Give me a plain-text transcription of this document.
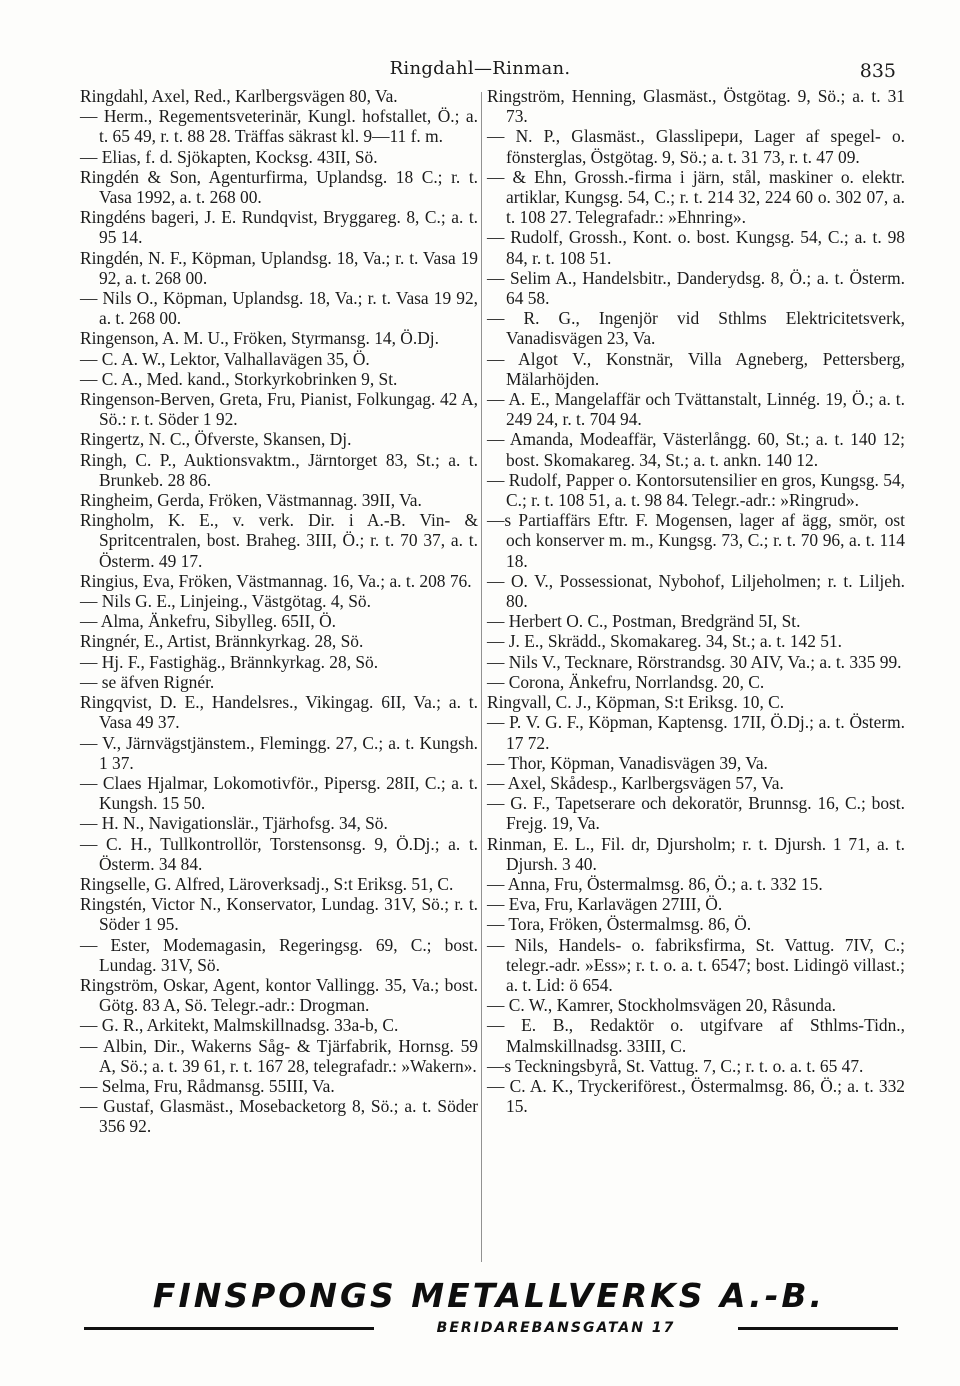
Ringdahl—Rinman.	835

Ringdahl, Axel, Red., Karlbergsvägen 80, Va.

— Herm., Regementsveterinär, Kungl. hofstallet, Ö.; a. t. 65 49, r. t. 88 28. Träffas säkrast kl. 9—11 f. m.

— Elias, f. d. Sjökapten, Kocksg. 43II, Sö.

Ringdén & Son, Agenturfirma, Uplandsg. 18 C.; r. t. Vasa 1992, a. t. 268 00.

Ringdéns bageri, J. E. Rundqvist, Bryggareg. 8, C.; a. t. 95 14.

Ringdén, N. F., Köpman, Uplandsg. 18, Va.; r. t. Vasa 19 92, a. t. 268 00.

— Nils O., Köpman, Uplandsg. 18, Va.; r. t. Vasa 19 92, a. t. 268 00.

Ringenson, A. M. U., Fröken, Styrmansg. 14, Ö.Dj.

— C. A. W., Lektor, Valhallavägen 35, Ö.

— C. A., Med. kand., Storkyrkobrinken 9, St.

Ringenson-Berven, Greta, Fru, Pianist, Folkungag. 42 A, Sö.: r. t. Söder 1 92.

Ringertz, N. C., Öfverste, Skansen, Dj.

Ringh, C. P., Auktionsvaktm., Järntorget 83, St.; a. t. Brunkeb. 28 86.

Ringheim, Gerda, Fröken, Västmannag. 39II, Va.

Ringholm, K. E., v. verk. Dir. i A.-B. Vin- & Spritcentralen, bost. Braheg. 3III, Ö.; r. t. 70 37, a. t. Österm. 49 17.

Ringius, Eva, Fröken, Västmannag. 16, Va.; a. t. 208 76.

— Nils G. E., Linjeing., Västgötag. 4, Sö.

— Alma, Änkefru, Sibylleg. 65II, Ö.

Ringnér, E., Artist, Brännkyrkag. 28, Sö.

— Hj. F., Fastighäg., Brännkyrkag. 28, Sö.

— se äfven Rignér.

Ringqvist, D. E., Handelsres., Vikingag. 6II, Va.; a. t. Vasa 49 37.

— V., Järnvägstjänstem., Flemingg. 27, C.; a. t. Kungsh. 1 37.

— Claes Hjalmar, Lokomotivför., Pipersg. 28II, C.; a. t. Kungsh. 15 50.

— H. N., Navigationslär., Tjärhofsg. 34, Sö.

— C. H., Tullkontrollör, Torstensonsg. 9, Ö.Dj.; a. t. Österm. 34 84.

Ringselle, G. Alfred, Läroverksadj., S:t Eriksg. 51, C.

Ringstén, Victor N., Konservator, Lundag. 31V, Sö.; r. t. Söder 1 95.

— Ester, Modemagasin, Regeringsg. 69, C.; bost. Lundag. 31V, Sö.

Ringström, Oskar, Agent, kontor Vallingg. 35, Va.; bost. Götg. 83 A, Sö. Telegr.-adr.: Drogman.

— G. R., Arkitekt, Malmskillnadsg. 33a-b, C.

— Albin, Dir., Wakerns Såg- & Tjärfabrik, Hornsg. 59 A, Sö.; a. t. 39 61, r. t. 167 28, telegrafadr.: »Wakern».

— Selma, Fru, Rådmansg. 55III, Va.

— Gustaf, Glasmäst., Mosebacketorg 8, Sö.; a. t. Söder 356 92.

Ringström, Henning, Glasmäst., Östgötag. 9, Sö.; a. t. 31 73.

— N. P., Glasmäst., Glasslipери, Lager af spegel- o. fönsterglas, Östgötag. 9, Sö.; a. t. 31 73, r. t. 47 09.

— & Ehn, Grossh.-firma i järn, stål, maskiner o. elektr. artiklar, Kungsg. 54, C.; r. t. 214 32, 224 60 o. 302 07, a. t. 108 27. Telegrafadr.: »Ehnring».

— Rudolf, Grossh., Kont. o. bost. Kungsg. 54, C.; a. t. 98 84, r. t. 108 51.

— Selim A., Handelsbitr., Danderydsg. 8, Ö.; a. t. Österm. 64 58.

— R. G., Ingenjör vid Sthlms Elektricitetsverk, Vanadisvägen 23, Va.

— Algot V., Konstnär, Villa Agneberg, Pettersberg, Mälarhöjden.

— A. E., Mangelaffär och Tvättanstalt, Linnég. 19, Ö.; a. t. 249 24, r. t. 704 94.

— Amanda, Modeaffär, Västerlångg. 60, St.; a. t. 140 12; bost. Skomakareg. 34, St.; a. t. ankn. 140 12.

— Rudolf, Papper o. Kontorsutensilier en gros, Kungsg. 54, C.; r. t. 108 51, a. t. 98 84. Telegr.-adr.: »Ringrud».

—s Partiaffärs Eftr. F. Mogensen, lager af ägg, smör, ost och konserver m. m., Kungsg. 73, C.; r. t. 70 96, a. t. 114 18.

— O. V., Possessionat, Nybohof, Liljeholmen; r. t. Liljeh. 80.

— Herbert O. C., Postman, Bredgränd 5I, St.

— J. E., Skrädd., Skomakareg. 34, St.; a. t. 142 51.

— Nils V., Tecknare, Rörstrandsg. 30 AIV, Va.; a. t. 335 99.

— Corona, Änkefru, Norrlandsg. 20, C.

Ringvall, C. J., Köpman, S:t Eriksg. 10, C.

— P. V. G. F., Köpman, Kaptensg. 17II, Ö.Dj.; a. t. Österm. 17 72.

— Thor, Köpman, Vanadisvägen 39, Va.

— Axel, Skådesp., Karlbergsvägen 57, Va.

— G. F., Tapetserare och dekoratör, Brunnsg. 16, C.; bost. Frejg. 19, Va.

Rinman, E. L., Fil. dr, Djursholm; r. t. Djursh. 1 71, a. t. Djursh. 3 40.

— Anna, Fru, Östermalmsg. 86, Ö.; a. t. 332 15.

— Eva, Fru, Karlavägen 27III, Ö.

— Tora, Fröken, Östermalmsg. 86, Ö.

— Nils, Handels- o. fabriksfirma, St. Vattug. 7IV, C.; telegr.-adr. »Ess»; r. t. o. a. t. 6547; bost. Lidingö villast.; a. t. Lid: ö 654.

— C. W., Kamrer, Stockholmsvägen 20, Råsunda.

— E. B., Redaktör o. utgifvare af Sthlms-Tidn., Malmskillnadsg. 33III, C.

—s Teckningsbyrå, St. Vattug. 7, C.; r. t. o. a. t. 65 47.

— C. A. K., Tryckeriförest., Östermalmsg. 86, Ö.; a. t. 332 15.

FINSPONGS METALLVERKS A.-B.
BERIDAREBANSGATAN 17
